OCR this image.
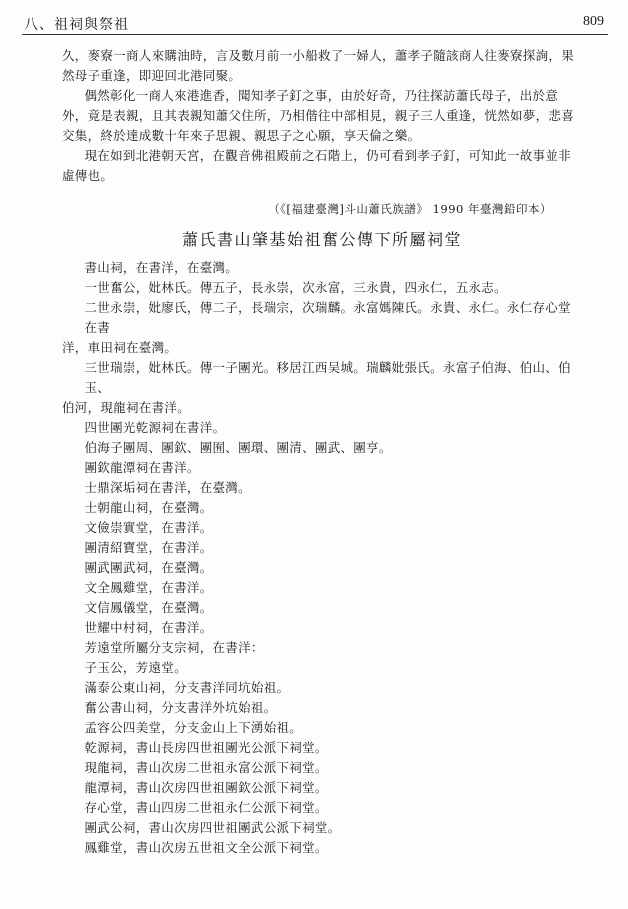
八、祖祠與祭祖	809

久，麥寮一商人來購油時，言及數月前一小船救了一婦人，蕭孝子隨該商人往麥寮探詢，果然母子重逢，即迎回北港同聚。

偶然彰化一商人來港進香，聞知孝子釘之事，由於好奇，乃往探訪蕭氏母子，出於意外，竟是表親，且其表親知蕭父住所，乃相偕往中部相見，親子三人重逢，恍然如夢，悲喜交集，終於達成數十年來子思親、親思子之心願，享天倫之樂。

現在如到北港朝天宮，在觀音佛祖殿前之石階上，仍可看到孝子釘，可知此一故事並非虛傳也。

（《[福建臺灣]斗山蕭氏族譜》 1990 年臺灣鉛印本）
蕭氏書山肇基始祖奮公傳下所屬祠堂
書山祠，在書洋，在臺灣。
一世奮公，妣林氏。傳五子，長永崇，次永富，三永貴，四永仁，五永志。
二世永崇，妣廖氏，傳二子，長瑞宗，次瑞麟。永富媽陳氏。永貴、永仁。永仁存心堂在書
洋，車田祠在臺灣。
三世瑞崇，妣林氏。傳一子團光。移居江西吴城。瑞麟妣張氏。永富子伯海、伯山、伯玉、
伯河，現龍祠在書洋。
四世團光乾源祠在書洋。
伯海子團周、團欽、團囿、團環、團清、團武、團亨。
團欽龍潭祠在書洋。
士鼎深垢祠在書洋，在臺灣。
士朝龍山祠，在臺灣。
文儉崇實堂，在書洋。
團清紹寶堂，在書洋。
團武團武祠，在臺灣。
文全鳳雞堂，在書洋。
文信鳳儀堂，在臺灣。
世耀中村祠，在書洋。
芳遠堂所屬分支宗祠，在書洋：
子玉公，芳遠堂。
滿泰公東山祠，分支書洋同坑始祖。
奮公書山祠，分支書洋外坑始祖。
孟容公四美堂，分支金山上下湧始祖。
乾源祠，書山長房四世祖團光公派下祠堂。
現龍祠，書山次房二世祖永富公派下祠堂。
龍潭祠，書山次房四世祖團欽公派下祠堂。
存心堂，書山四房二世祖永仁公派下祠堂。
團武公祠，書山次房四世祖團武公派下祠堂。
鳳雞堂，書山次房五世祖文全公派下祠堂。
